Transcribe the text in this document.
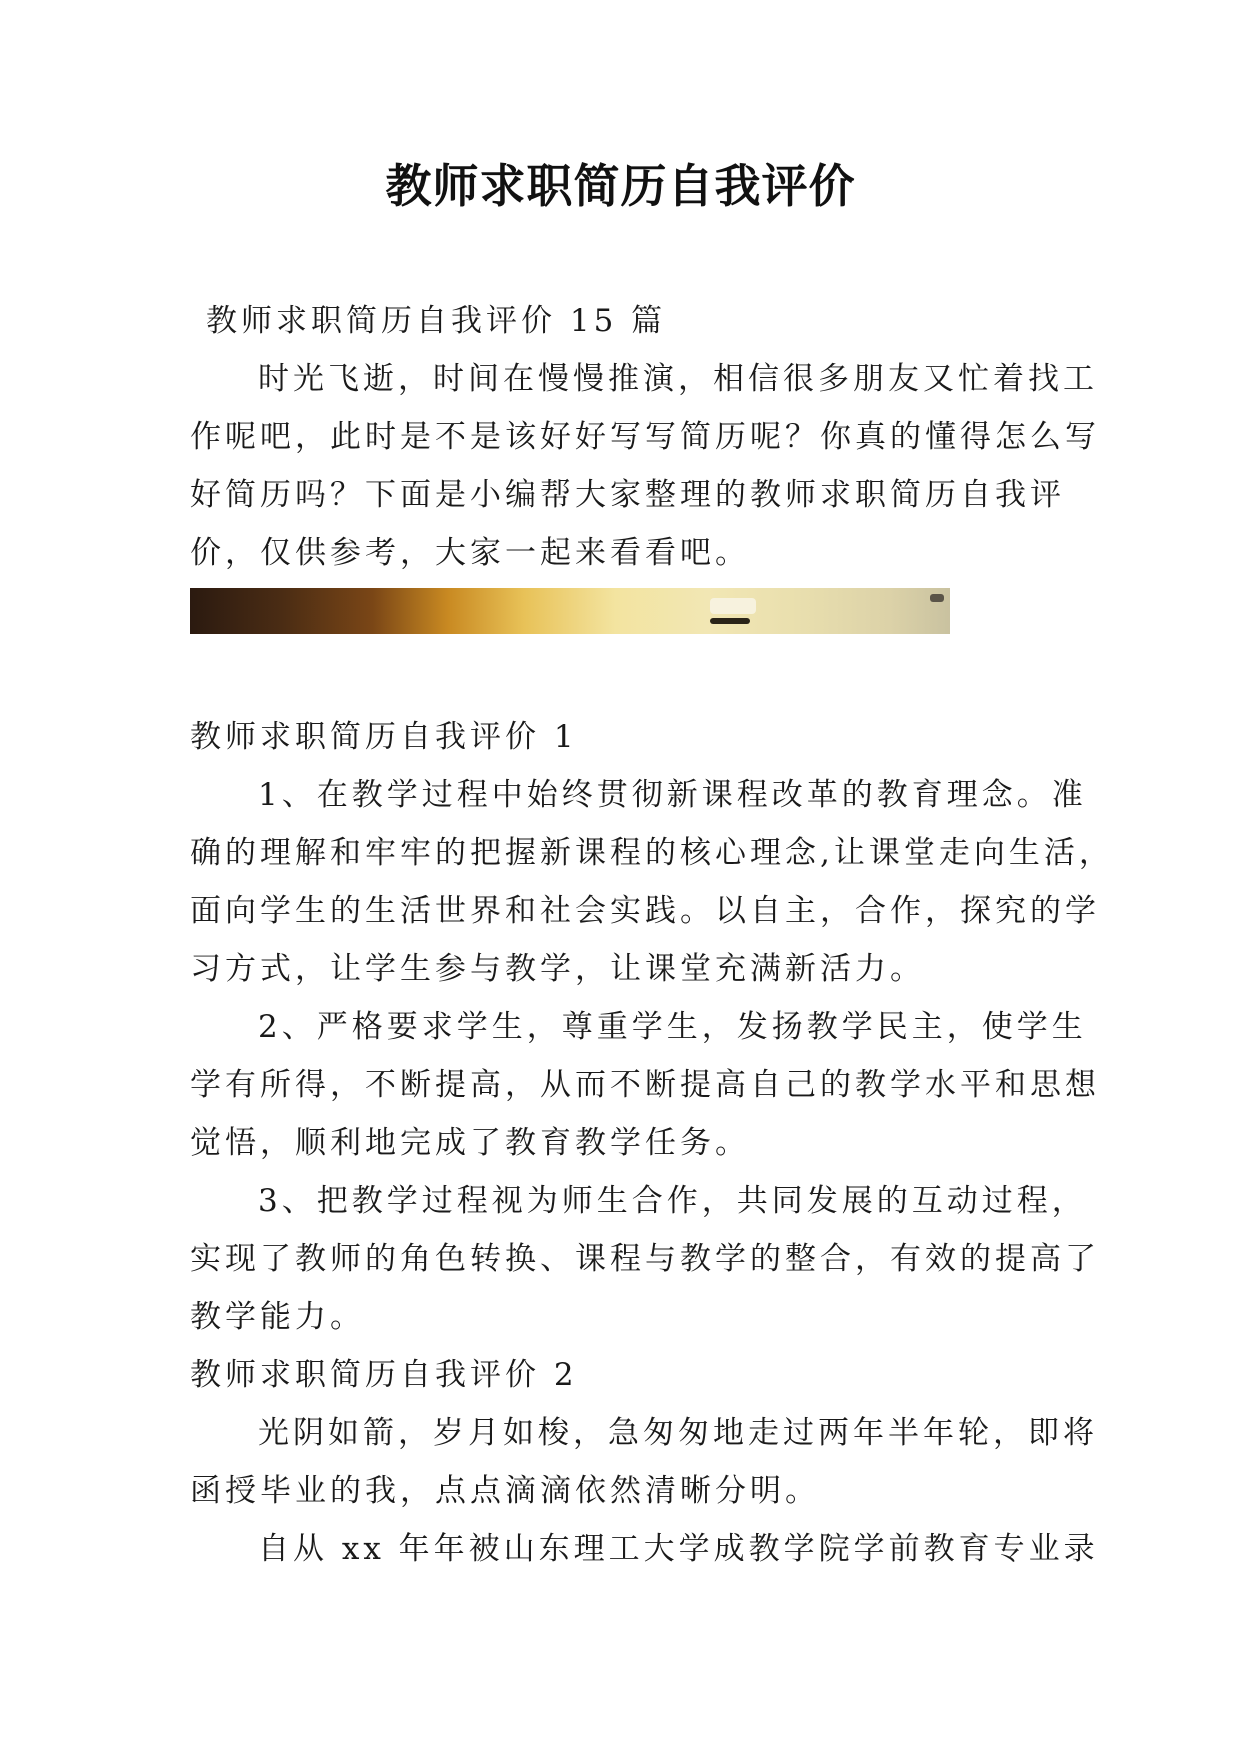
教师求职简历自我评价
教师求职简历自我评价 15 篇
时光飞逝，时间在慢慢推演，相信很多朋友又忙着找工
作呢吧，此时是不是该好好写写简历呢？你真的懂得怎么写
好简历吗？下面是小编帮大家整理的教师求职简历自我评
价，仅供参考，大家一起来看看吧。
教师求职简历自我评价 1
1、在教学过程中始终贯彻新课程改革的教育理念。准
确的理解和牢牢的把握新课程的核心理念,让课堂走向生活，
面向学生的生活世界和社会实践。以自主，合作，探究的学
习方式，让学生参与教学，让课堂充满新活力。
2、严格要求学生，尊重学生，发扬教学民主，使学生
学有所得，不断提高，从而不断提高自己的教学水平和思想
觉悟，顺利地完成了教育教学任务。
3、把教学过程视为师生合作，共同发展的互动过程，
实现了教师的角色转换、课程与教学的整合，有效的提高了
教学能力。
教师求职简历自我评价 2
光阴如箭，岁月如梭，急匆匆地走过两年半年轮，即将
函授毕业的我，点点滴滴依然清晰分明。
自从 xx 年年被山东理工大学成教学院学前教育专业录
